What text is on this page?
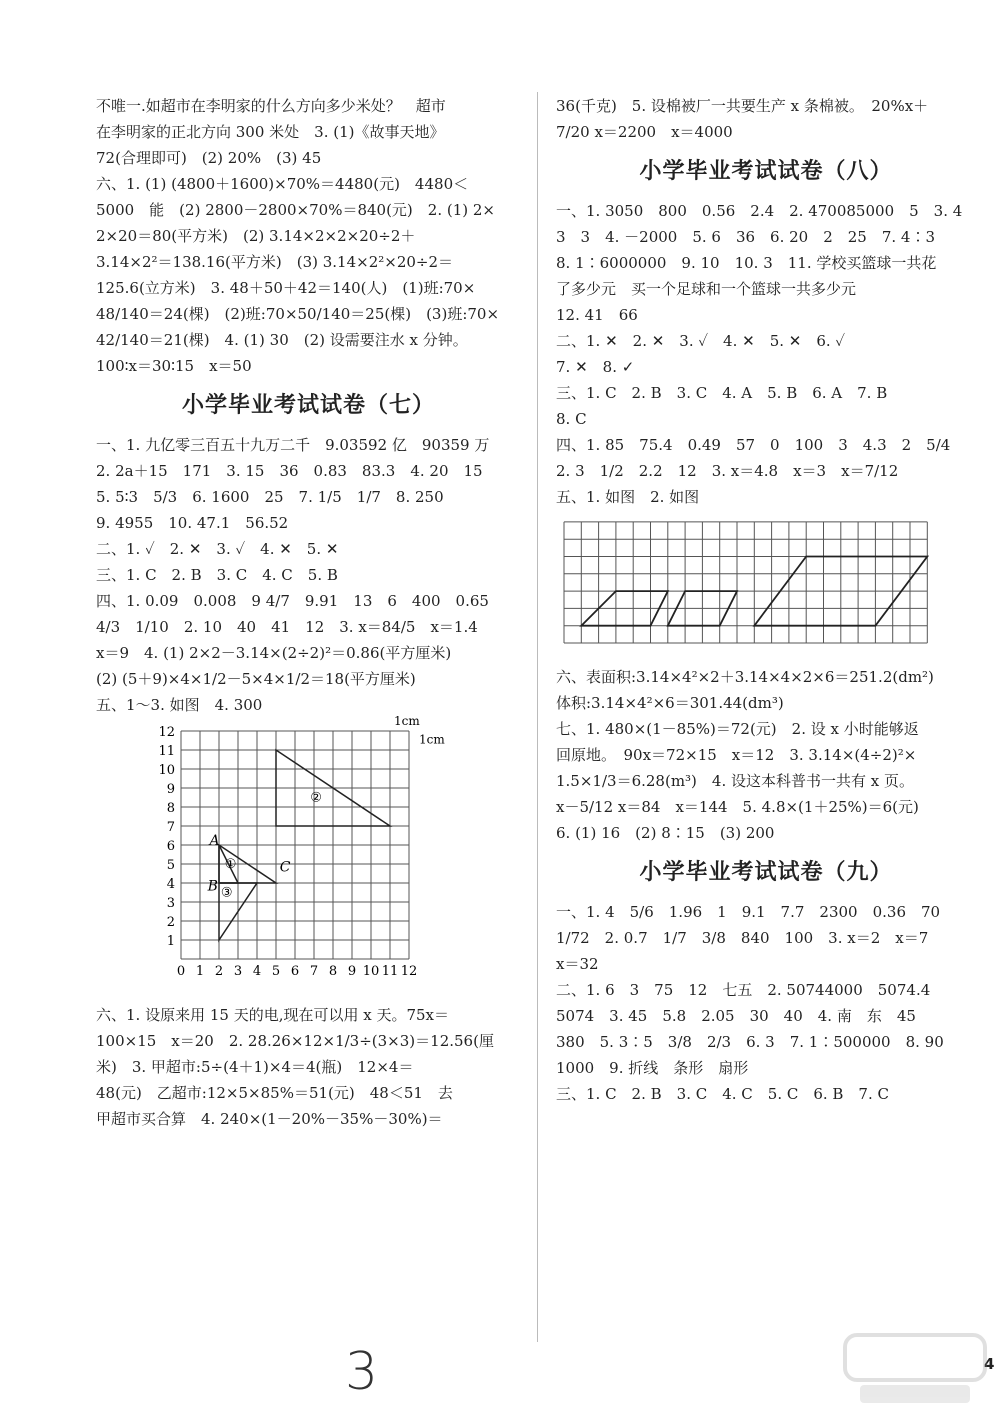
不唯一.如超市在李明家的什么方向多少米处？　超市
在李明家的正北方向 300 米处　3. (1)《故事天地》
72(合理即可)　(2) 20%　(3) 45
六、1. (1) (4800＋1600)×70%＝4480(元)　4480＜
5000　能　(2) 2800－2800×70%＝840(元)　2. (1) 2×
2×20＝80(平方米)　(2) 3.14×2×2×20÷2＋
3.14×2²＝138.16(平方米)　(3) 3.14×2²×20÷2＝
125.6(立方米)　3. 48＋50＋42＝140(人)　(1)班:70×
48/140＝24(棵)　(2)班:70×50/140＝25(棵)　(3)班:70×
42/140＝21(棵)　4. (1) 30　(2) 设需要注水 x 分钟。
100∶x＝30∶15　x＝50
小学毕业考试试卷（七）
一、1. 九亿零三百五十九万二千　9.03592 亿　90359 万
2. 2a＋15　171　3. 15　36　0.83　83.3　4. 20　15
5. 5∶3　5/3　6. 1600　25　7. 1/5　1/7　8. 250
9. 4955　10. 47.1　56.52
二、1. ✓　2. ✕　3. ✓　4. ✕　5. ✕
三、1. C　2. B　3. C　4. C　5. B
四、1. 0.09　0.008　9 4/7　9.91　13　6　400　0.65
4/3　1/10　2. 10　40　41　12　3. x＝84/5　x＝1.4
x＝9　4. (1) 2×2－3.14×(2÷2)²＝0.86(平方厘米)
(2) (5＋9)×4×1/2－5×4×1/2＝18(平方厘米)
五、1～3. 如图　4. 300
0 1 2 3 4 5 6 7 8 9 10 11 12
12
11
10
9
8
7
6
5
4
3
2
1
A
B
C
①
②
③
1cm
1cm
六、1. 设原来用 15 天的电,现在可以用 x 天。75x＝
100×15　x＝20　2. 28.26×12×1/3÷(3×3)＝12.56(厘
米)　3. 甲超市:5÷(4＋1)×4＝4(瓶)　12×4＝
48(元)　乙超市:12×5×85%＝51(元)　48＜51　去
甲超市买合算　4. 240×(1－20%－35%－30%)＝
36(千克)　5. 设棉被厂一共要生产 x 条棉被。　20%x＋
7/20 x＝2200　x＝4000
小学毕业考试试卷（八）
一、1. 3050　800　0.56　2.4　2. 470085000　5　3. 4
3　3　4. －2000　5. 6　36　6. 20　2　25　7. 4∶3
8. 1∶6000000　9. 10　10. 3　11. 学校买篮球一共花
了多少元　买一个足球和一个篮球一共多少元
12. 41　66
二、1. ✕　2. ✕　3. ✓　4. ✕　5. ✕　6. ✓
7. ✕　8. ✓
三、1. C　2. B　3. C　4. A　5. B　6. A　7. B
8. C
四、1. 85　75.4　0.49　57　0　100　3　4.3　2　5/4
2. 3　1/2　2.2　12　3. x＝4.8　x＝3　x＝7/12
五、1. 如图　2. 如图
六、表面积:3.14×4²×2＋3.14×4×2×6＝251.2(dm²)
体积:3.14×4²×6＝301.44(dm³)
七、1. 480×(1－85%)＝72(元)　2. 设 x 小时能够返
回原地。　90x＝72×15　x＝12　3. 3.14×(4÷2)²×
1.5×1/3＝6.28(m³)　4. 设这本科普书一共有 x 页。
x－5/12 x＝84　x＝144　5. 4.8×(1＋25%)＝6(元)
6. (1) 16　(2) 8∶15　(3) 200
小学毕业考试试卷（九）
一、1. 4　5/6　1.96　1　9.1　7.7　2300　0.36　70
1/72　2. 0.7　1/7　3/8　840　100　3. x＝2　x＝7
x＝32
二、1. 6　3　75　12　七五　2. 50744000　5074.4
5074　3. 45　5.8　2.05　30　40　4. 南　东　45
380　5. 3∶5　3/8　2/3　6. 3　7. 1∶500000　8. 90
1000　9. 折线　条形　扇形
三、1. C　2. B　3. C　4. C　5. C　6. B　7. C
3	4
